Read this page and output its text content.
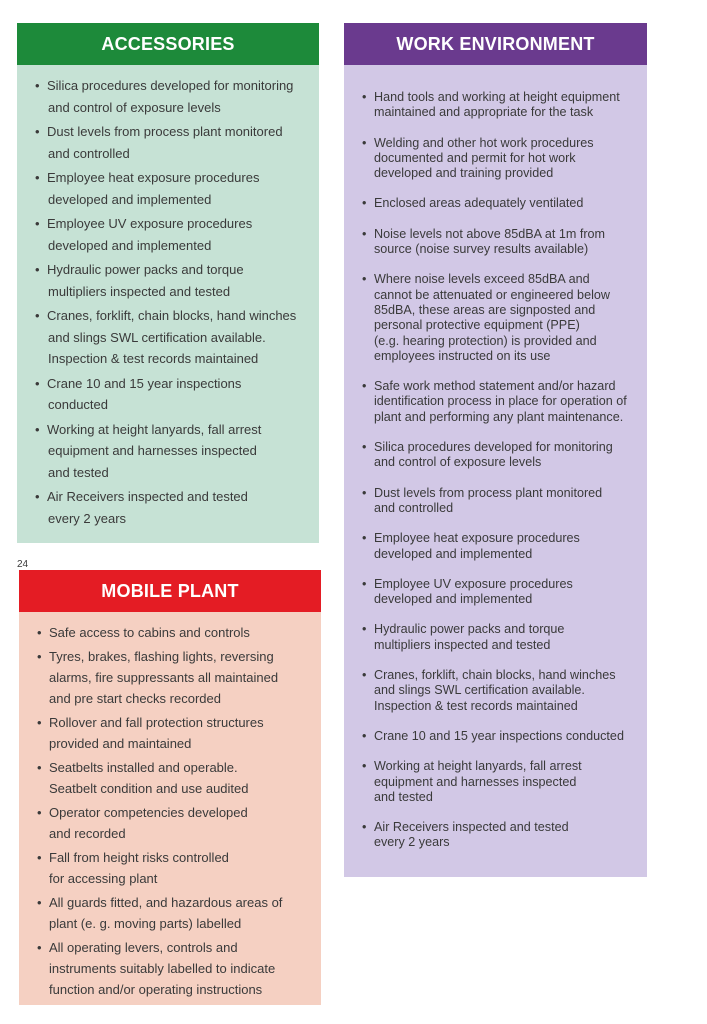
ACCESSORIES
• Silica procedures developed for monitoring
and control of exposure levels
• Dust levels from process plant monitored
and controlled
• Employee heat exposure procedures
developed and implemented
• Employee UV exposure procedures
developed and implemented
• Hydraulic power packs and torque
multipliers inspected and tested
• Cranes, forklift, chain blocks, hand winches
and slings SWL certification available.
Inspection & test records maintained
• Crane 10 and 15 year inspections
conducted
• Working at height lanyards, fall arrest
equipment and harnesses inspected
and tested
• Air Receivers inspected and tested
every 2 years
WORK ENVIRONMENT
• Hand tools and working at height equipment
maintained and appropriate for the task
• Welding and other hot work procedures
documented and permit for hot work
developed and training provided
• Enclosed areas adequately ventilated
• Noise levels not above 85dBA at 1m from
source (noise survey results available)
• Where noise levels exceed 85dBA and
cannot be attenuated or engineered below
85dBA, these areas are signposted and
personal protective equipment (PPE)
(e.g. hearing protection) is provided and
employees instructed on its use
• Safe work method statement and/or hazard
identification process in place for operation of
plant and performing any plant maintenance.
• Silica procedures developed for monitoring
and control of exposure levels
• Dust levels from process plant monitored
and controlled
• Employee heat exposure procedures
developed and implemented
• Employee UV exposure procedures
developed and implemented
• Hydraulic power packs and torque
multipliers inspected and tested
• Cranes, forklift, chain blocks, hand winches
and slings SWL certification available.
Inspection & test records maintained
• Crane 10 and 15 year inspections conducted
• Working at height lanyards, fall arrest
equipment and harnesses inspected
and tested
• Air Receivers inspected and tested
every 2 years
24
MOBILE PLANT
• Safe access to cabins and controls
• Tyres, brakes, flashing lights, reversing
alarms, fire suppressants all maintained
and pre start checks recorded
• Rollover and fall protection structures
provided and maintained
• Seatbelts installed and operable.
Seatbelt condition and use audited
• Operator competencies developed
and recorded
• Fall from height risks controlled
for accessing plant
• All guards fitted, and hazardous areas of
plant (e. g. moving parts) labelled
• All operating levers, controls and
instruments suitably labelled to indicate
function and/or operating instructions
